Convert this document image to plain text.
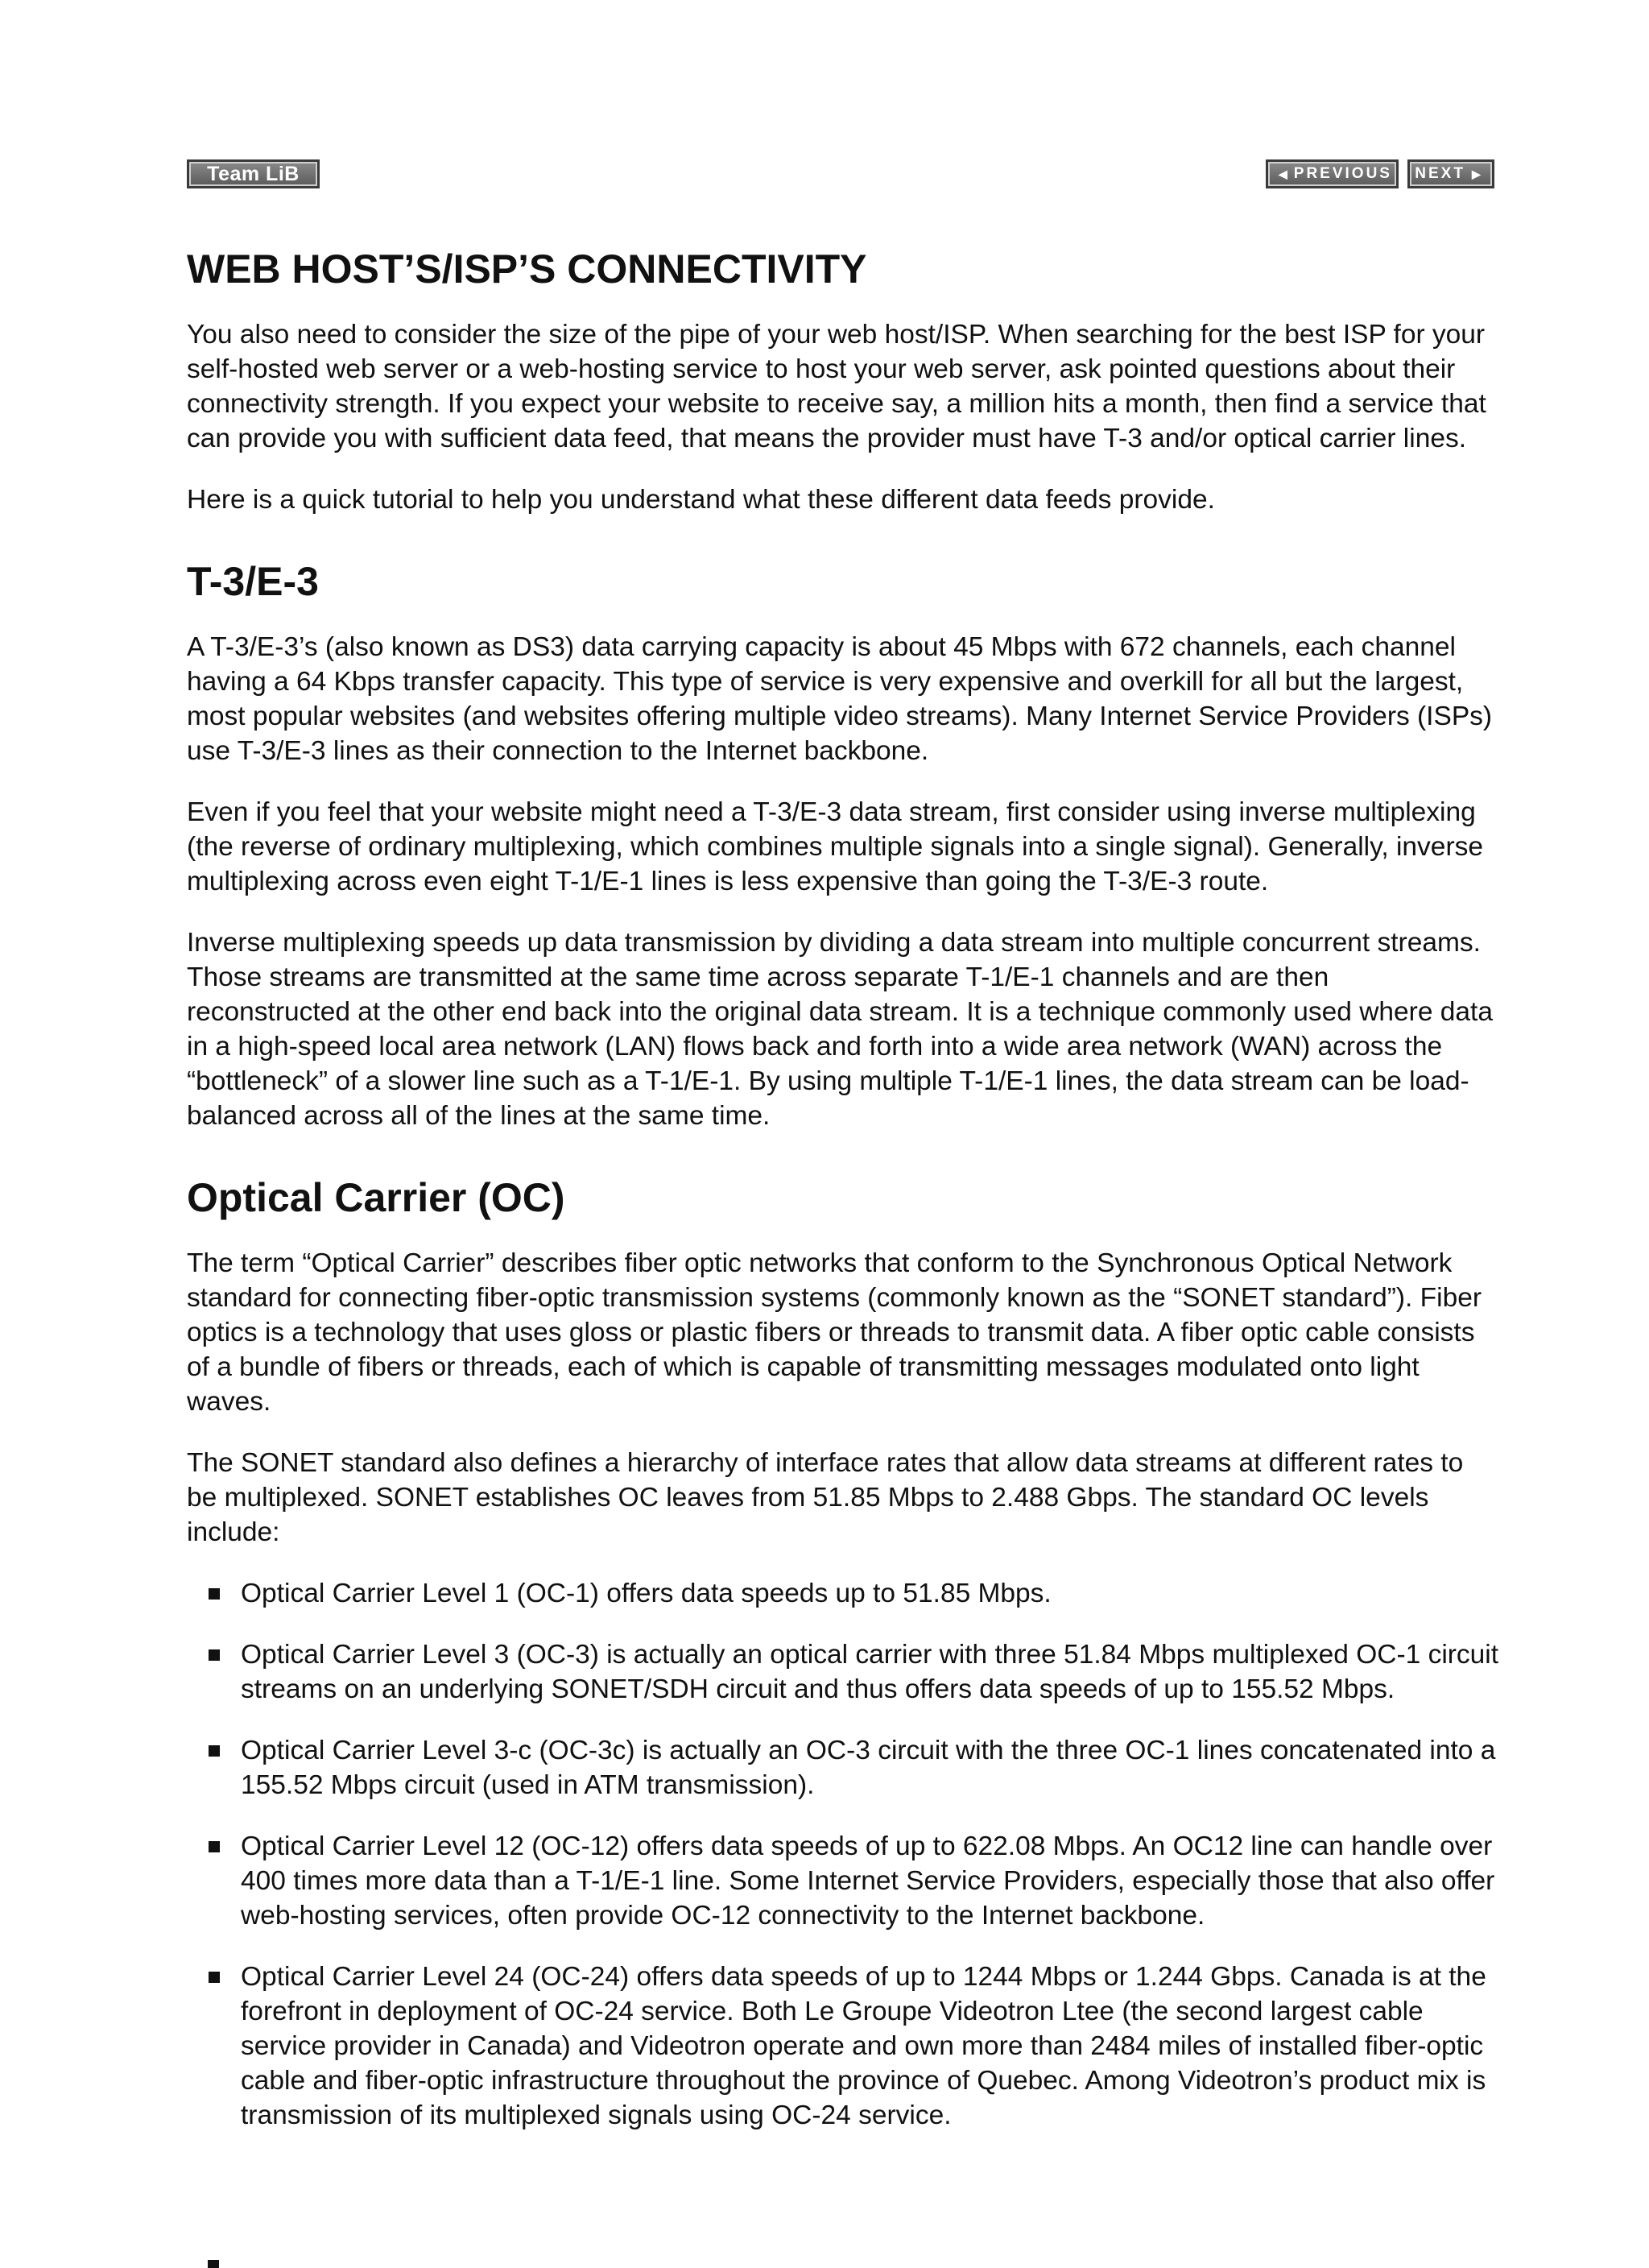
Team LiB	◀ PREVIOUS NEXT ▶
WEB HOST’S/ISP’S CONNECTIVITY

You also need to consider the size of the pipe of your web host/ISP. When searching for the best ISP for your self-hosted web server or a web-hosting service to host your web server, ask pointed questions about their connectivity strength. If you expect your website to receive say, a million hits a month, then find a service that can provide you with sufficient data feed, that means the provider must have T-3 and/or optical carrier lines.

Here is a quick tutorial to help you understand what these different data feeds provide.

T-3/E-3

A T-3/E-3’s (also known as DS3) data carrying capacity is about 45 Mbps with 672 channels, each channel having a 64 Kbps transfer capacity. This type of service is very expensive and overkill for all but the largest, most popular websites (and websites offering multiple video streams). Many Internet Service Providers (ISPs) use T-3/E-3 lines as their connection to the Internet backbone.

Even if you feel that your website might need a T-3/E-3 data stream, first consider using inverse multiplexing (the reverse of ordinary multiplexing, which combines multiple signals into a single signal). Generally, inverse multiplexing across even eight T-1/E-1 lines is less expensive than going the T-3/E-3 route.

Inverse multiplexing speeds up data transmission by dividing a data stream into multiple concurrent streams. Those streams are transmitted at the same time across separate T-1/E-1 channels and are then reconstructed at the other end back into the original data stream. It is a technique commonly used where data in a high-speed local area network (LAN) flows back and forth into a wide area network (WAN) across the “bottleneck” of a slower line such as a T-1/E-1. By using multiple T-1/E-1 lines, the data stream can be load-balanced across all of the lines at the same time.

Optical Carrier (OC)

The term “Optical Carrier” describes fiber optic networks that conform to the Synchronous Optical Network standard for connecting fiber-optic transmission systems (commonly known as the “SONET standard”). Fiber optics is a technology that uses gloss or plastic fibers or threads to transmit data. A fiber optic cable consists of a bundle of fibers or threads, each of which is capable of transmitting messages modulated onto light waves.

The SONET standard also defines a hierarchy of interface rates that allow data streams at different rates to be multiplexed. SONET establishes OC leaves from 51.85 Mbps to 2.488 Gbps. The standard OC levels include:

Optical Carrier Level 1 (OC-1) offers data speeds up to 51.85 Mbps.
Optical Carrier Level 3 (OC-3) is actually an optical carrier with three 51.84 Mbps multiplexed OC-1 circuit streams on an underlying SONET/SDH circuit and thus offers data speeds of up to 155.52 Mbps.
Optical Carrier Level 3-c (OC-3c) is actually an OC-3 circuit with the three OC-1 lines concatenated into a 155.52 Mbps circuit (used in ATM transmission).
Optical Carrier Level 12 (OC-12) offers data speeds of up to 622.08 Mbps. An OC12 line can handle over 400 times more data than a T-1/E-1 line. Some Internet Service Providers, especially those that also offer web-hosting services, often provide OC-12 connectivity to the Internet backbone.
Optical Carrier Level 24 (OC-24) offers data speeds of up to 1244 Mbps or 1.244 Gbps. Canada is at the forefront in deployment of OC-24 service. Both Le Groupe Videotron Ltee (the second largest cable service provider in Canada) and Videotron operate and own more than 2484 miles of installed fiber-optic cable and fiber-optic infrastructure throughout the province of Quebec. Among Videotron’s product mix is transmission of its multiplexed signals using OC-24 service.
